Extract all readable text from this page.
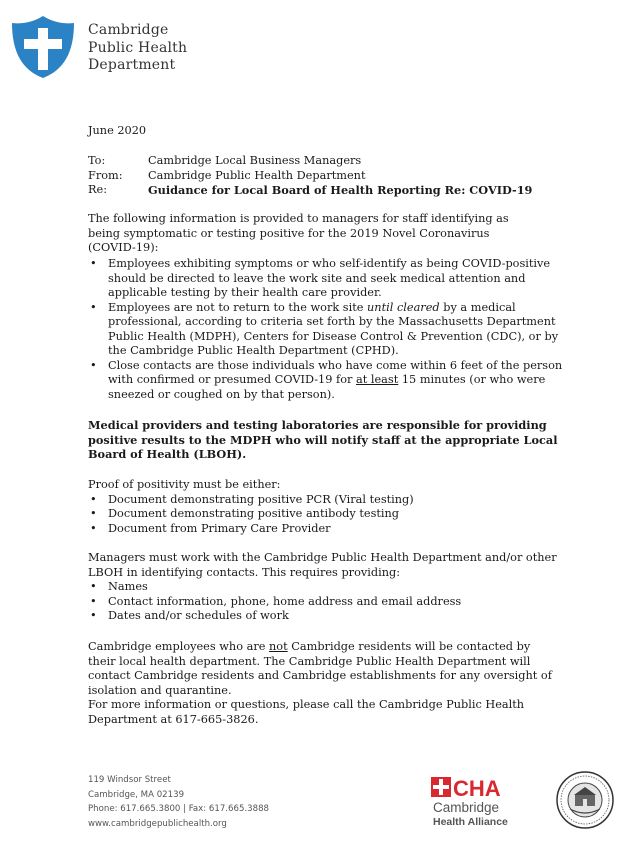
Cambridge
Public Health
Department
June 2020
To:	Cambridge Local Business Managers
From:	Cambridge Public Health Department
Re:	Guidance for Local Board of Health Reporting Re: COVID-19
The following information is provided to managers for staff identifying as being symptomatic or testing positive for the 2019 Novel Coronavirus (COVID-19):
• Employees exhibiting symptoms or who self-identify as being COVID-positive should be directed to leave the work site and seek medical attention and applicable testing by their health care provider.
• Employees are not to return to the work site until cleared by a medical professional, according to criteria set forth by the Massachusetts Department Public Health (MDPH), Centers for Disease Control & Prevention (CDC), or by the Cambridge Public Health Department (CPHD).
• Close contacts are those individuals who have come within 6 feet of the person with confirmed or presumed COVID-19 for at least 15 minutes (or who were sneezed or coughed on by that person).
Medical providers and testing laboratories are responsible for providing positive results to the MDPH who will notify staff at the appropriate Local Board of Health (LBOH).
Proof of positivity must be either:
• Document demonstrating positive PCR (Viral testing)
• Document demonstrating positive antibody testing
• Document from Primary Care Provider
Managers must work with the Cambridge Public Health Department and/or other LBOH in identifying contacts. This requires providing:
• Names
• Contact information, phone, home address and email address
• Dates and/or schedules of work
Cambridge employees who are not Cambridge residents will be contacted by their local health department. The Cambridge Public Health Department will contact Cambridge residents and Cambridge establishments for any oversight of isolation and quarantine.
For more information or questions, please call the Cambridge Public Health Department at 617-665-3826.
119 Windsor Street
Cambridge, MA 02139
Phone: 617.665.3800 | Fax: 617.665.3888
www.cambridgepublichealth.org
CHA
Cambridge
Health Alliance
